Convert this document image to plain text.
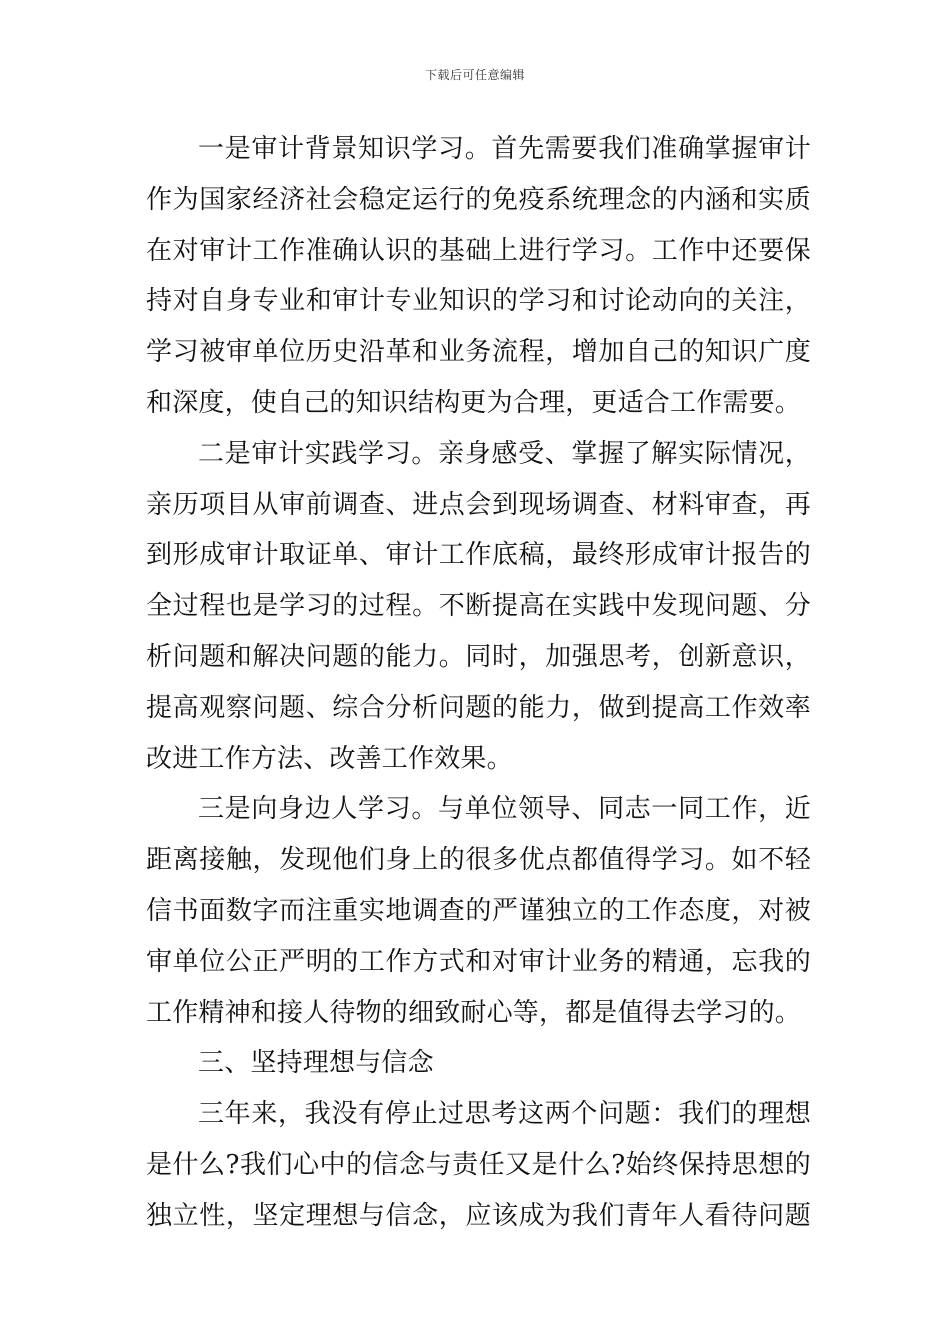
下载后可任意编辑
一是审计背景知识学习。首先需要我们准确掌握审计
作为国家经济社会稳定运行的免疫系统理念的内涵和实质
在对审计工作准确认识的基础上进行学习。工作中还要保
持对自身专业和审计专业知识的学习和讨论动向的关注，
学习被审单位历史沿革和业务流程，增加自己的知识广度
和深度，使自己的知识结构更为合理，更适合工作需要。
二是审计实践学习。亲身感受、掌握了解实际情况，
亲历项目从审前调查、进点会到现场调查、材料审查，再
到形成审计取证单、审计工作底稿，最终形成审计报告的
全过程也是学习的过程。不断提高在实践中发现问题、分
析问题和解决问题的能力。同时，加强思考，创新意识，
提高观察问题、综合分析问题的能力，做到提高工作效率
改进工作方法、改善工作效果。
三是向身边人学习。与单位领导、同志一同工作，近
距离接触，发现他们身上的很多优点都值得学习。如不轻
信书面数字而注重实地调查的严谨独立的工作态度，对被
审单位公正严明的工作方式和对审计业务的精通，忘我的
工作精神和接人待物的细致耐心等，都是值得去学习的。
三、坚持理想与信念
三年来，我没有停止过思考这两个问题：我们的理想
是什么?我们心中的信念与责任又是什么?始终保持思想的
独立性，坚定理想与信念，应该成为我们青年人看待问题
